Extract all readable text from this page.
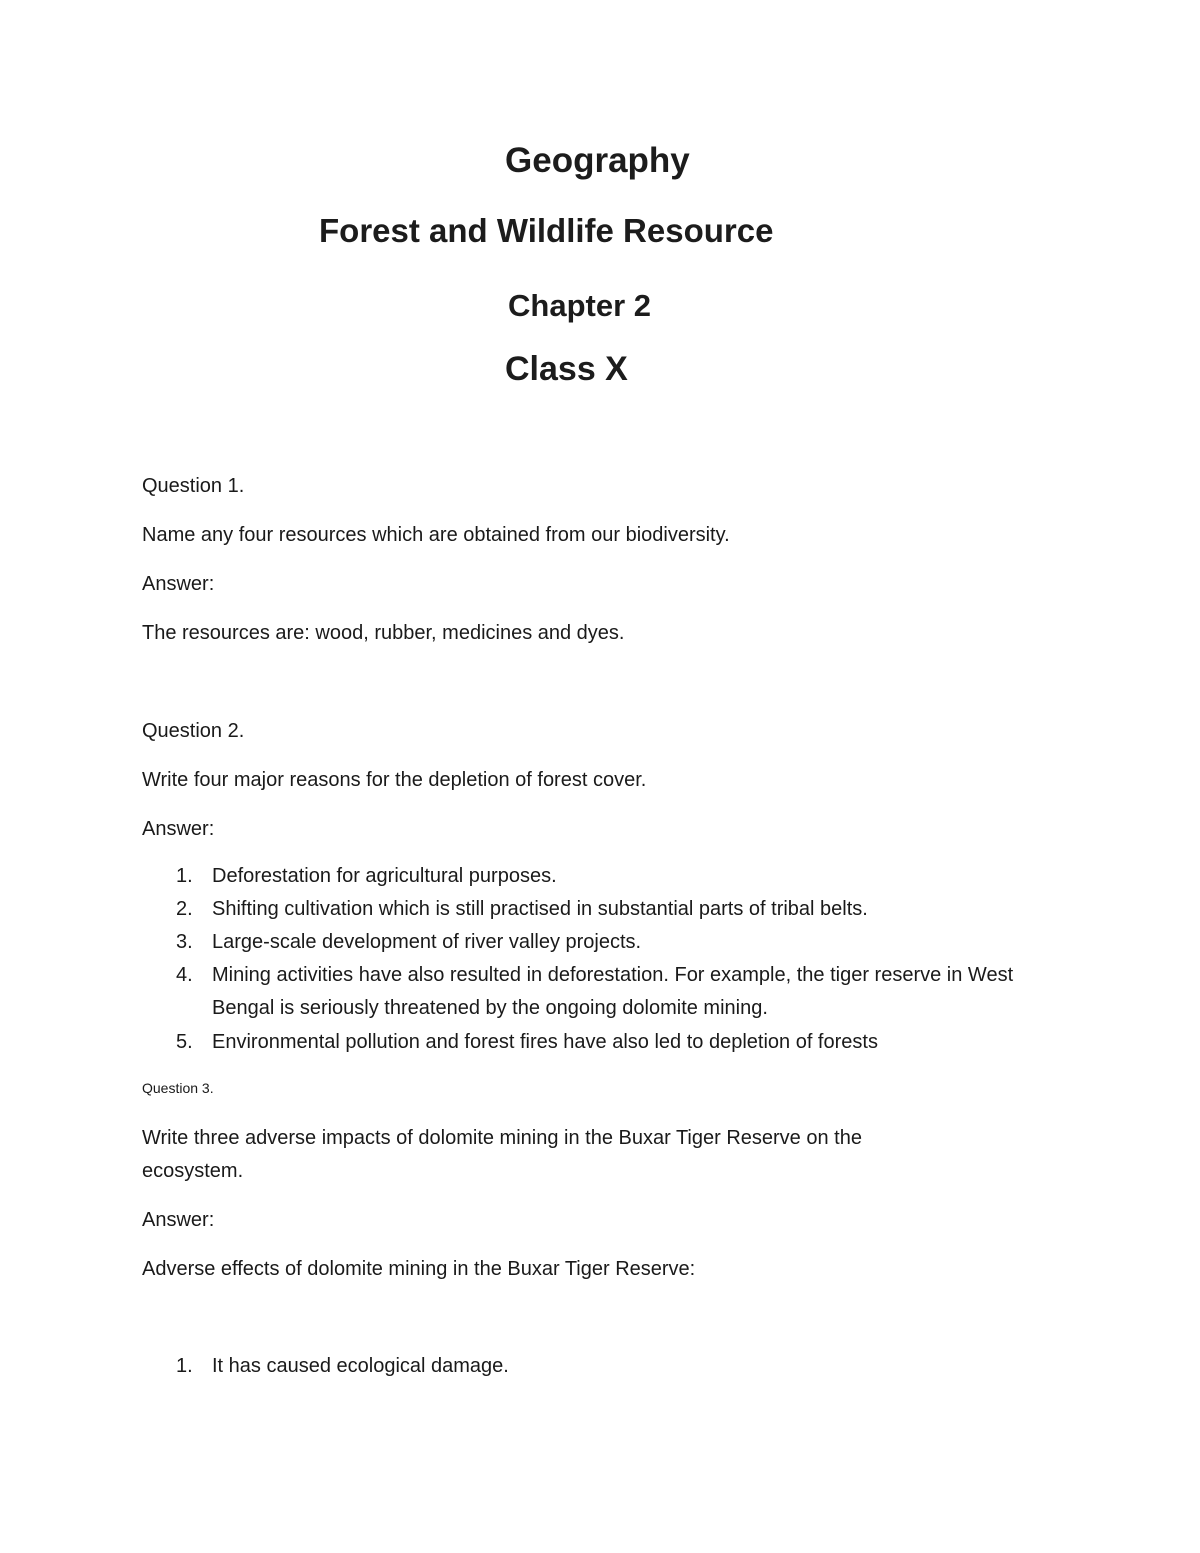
Geography
Forest and Wildlife Resource
Chapter 2
Class X
Question 1.
Name any four resources which are obtained from our biodiversity.
Answer:
The resources are: wood, rubber, medicines and dyes.
Question 2.
Write four major reasons for the depletion of forest cover.
Answer:
1. Deforestation for agricultural purposes.
2. Shifting cultivation which is still practised in substantial parts of tribal belts.
3. Large-scale development of river valley projects.
4. Mining activities have also resulted in deforestation. For example, the tiger reserve in West Bengal is seriously threatened by the ongoing dolomite mining.
5. Environmental pollution and forest fires have also led to depletion of forests
Question 3.
Write three adverse impacts of dolomite mining in the Buxar Tiger Reserve on the
ecosystem.
Answer:
Adverse effects of dolomite mining in the Buxar Tiger Reserve:
1. It has caused ecological damage.
